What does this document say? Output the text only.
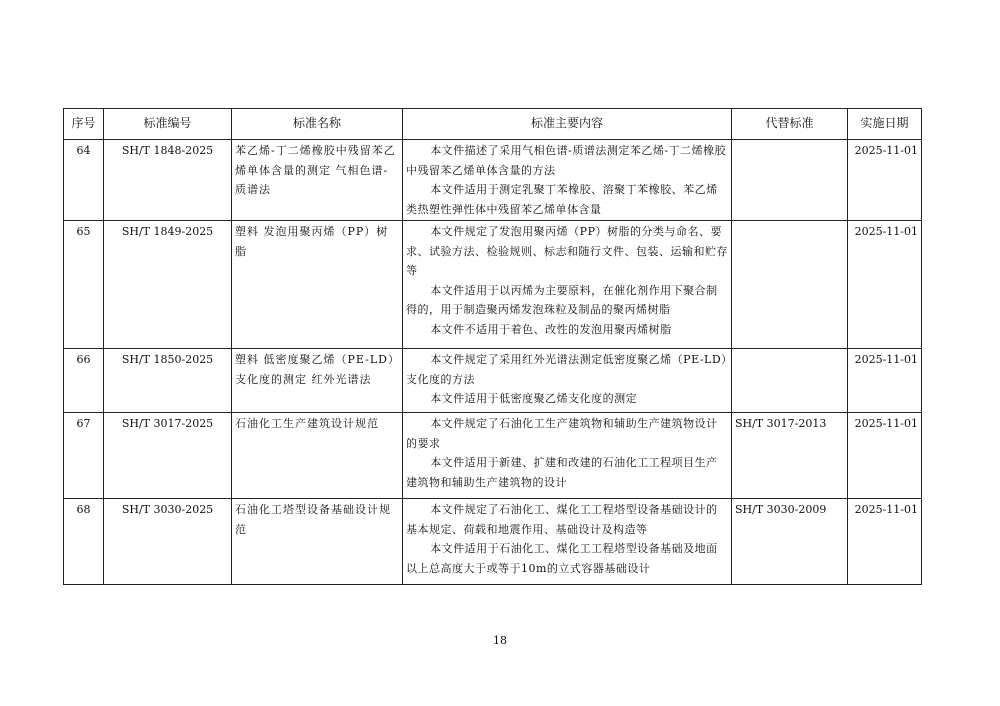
序号	标准编号	标准名称	标准主要内容	代替标准	实施日期
64	SH/T 1848-2025	苯乙烯-丁二烯橡胶中残留苯乙烯单体含量的测定 气相色谱-质谱法	本文件描述了采用气相色谱-质谱法测定苯乙烯-丁二烯橡胶中残留苯乙烯单体含量的方法

本文件适用于测定乳聚丁苯橡胶、溶聚丁苯橡胶、苯乙烯类热塑性弹性体中残留苯乙烯单体含量		2025-11-01
65	SH/T 1849-2025	塑料 发泡用聚丙烯（PP）树脂	本文件规定了发泡用聚丙烯（PP）树脂的分类与命名、要求、试验方法、检验规则、标志和随行文件、包装、运输和贮存等

本文件适用于以丙烯为主要原料，在催化剂作用下聚合制得的，用于制造聚丙烯发泡珠粒及制品的聚丙烯树脂

本文件不适用于着色、改性的发泡用聚丙烯树脂		2025-11-01
66	SH/T 1850-2025	塑料 低密度聚乙烯（PE-LD）支化度的测定 红外光谱法	本文件规定了采用红外光谱法测定低密度聚乙烯（PE-LD）支化度的方法

本文件适用于低密度聚乙烯支化度的测定		2025-11-01
67	SH/T 3017-2025	石油化工生产建筑设计规范	本文件规定了石油化工生产建筑物和辅助生产建筑物设计的要求

本文件适用于新建、扩建和改建的石油化工工程项目生产建筑物和辅助生产建筑物的设计	SH/T 3017-2013	2025-11-01
68	SH/T 3030-2025	石油化工塔型设备基础设计规范	本文件规定了石油化工、煤化工工程塔型设备基础设计的基本规定、荷载和地震作用、基础设计及构造等

本文件适用于石油化工、煤化工工程塔型设备基础及地面以上总高度大于或等于10m的立式容器基础设计	SH/T 3030-2009	2025-11-01
18
